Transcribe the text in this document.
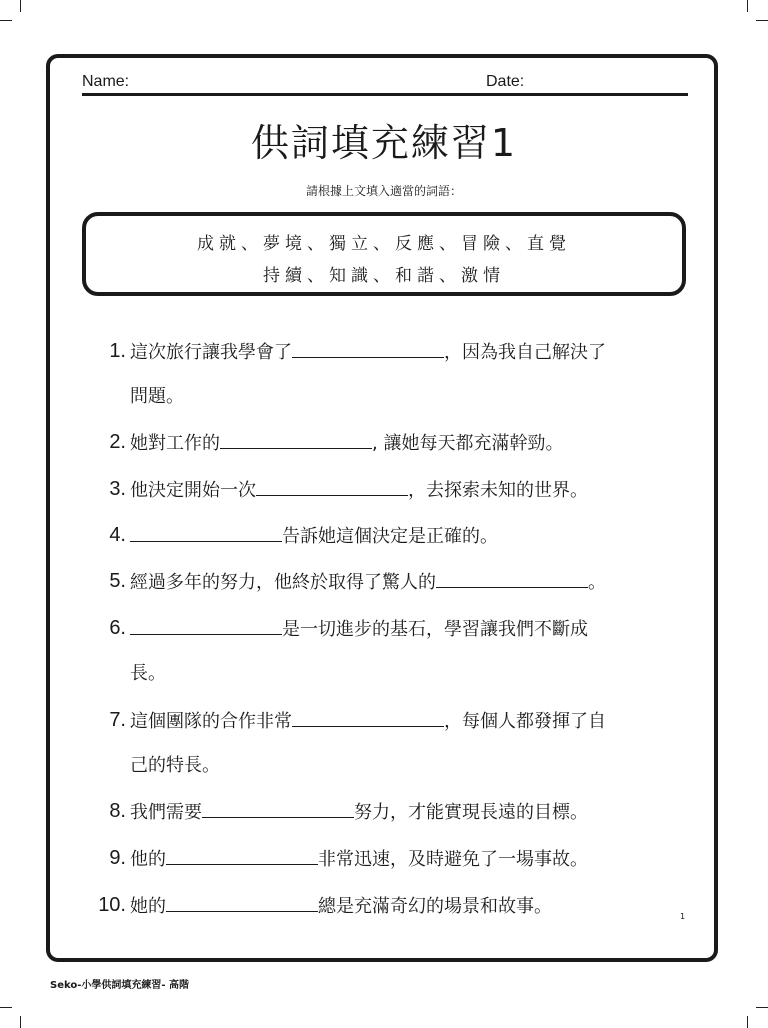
Name:	Date:
供詞填充練習1
請根據上文填入適當的詞語：
成就、夢境、獨立、反應、冒險、直覺
持續、知識、和諧、激情
1. 這次旅行讓我學會了	，因為我自己解決了
問題。
2. 她對工作的	, 讓她每天都充滿幹勁。
3. 他決定開始一次	，去探索未知的世界。
4.	告訴她這個決定是正確的。
5. 經過多年的努力，他終於取得了驚人的	。
6.	是一切進步的基石，學習讓我們不斷成
長。
7. 這個團隊的合作非常	，每個人都發揮了自
己的特長。
8. 我們需要	努力，才能實現長遠的目標。
9. 他的	非常迅速，及時避免了一場事故。
10. 她的	總是充滿奇幻的場景和故事。	1
Seko-小學供詞填充練習- 高階
